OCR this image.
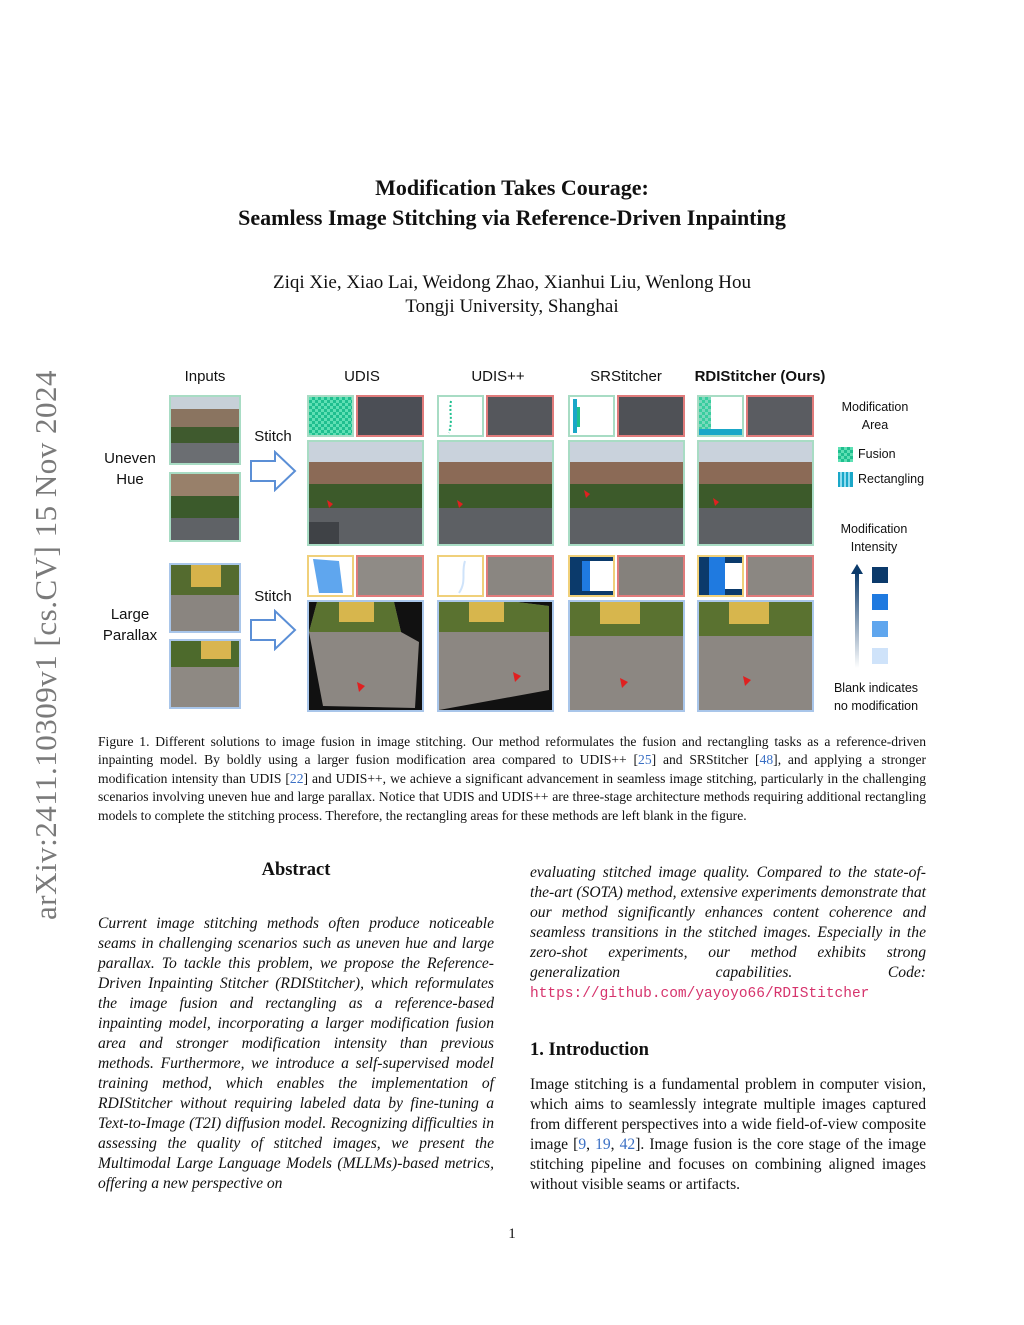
arXiv:2411.10309v1 [cs.CV] 15 Nov 2024
Modification Takes Courage:
Seamless Image Stitching via Reference-Driven Inpainting
Ziqi Xie, Xiao Lai, Weidong Zhao, Xianhui Liu, Wenlong Hou
Tongji University, Shanghai
Inputs	UDIS	UDIS++	SRStitcher	RDIStitcher (Ours)
Uneven
Hue
Large
Parallax
Stitch
Stitch
Modification
Area
Fusion
Rectangling
Modification
Intensity
Blank indicates
no modification
Figure 1. Different solutions to image fusion in image stitching. Our method reformulates the fusion and rectangling tasks as a reference-driven inpainting model. By boldly using a larger fusion modification area compared to UDIS++ [25] and SRStitcher [48], and applying a stronger modification intensity than UDIS [22] and UDIS++, we achieve a significant advancement in seamless image stitching, particularly in the challenging scenarios involving uneven hue and large parallax. Notice that UDIS and UDIS++ are three-stage architecture methods requiring additional rectangling models to complete the stitching process. Therefore, the rectangling areas for these methods are left blank in the figure.
Abstract
Current image stitching methods often produce noticeable seams in challenging scenarios such as uneven hue and large parallax. To tackle this problem, we propose the Reference-Driven Inpainting Stitcher (RDIStitcher), which reformulates the image fusion and rectangling as a reference-based inpainting model, incorporating a larger modification fusion area and stronger modification intensity than previous methods. Furthermore, we introduce a self-supervised model training method, which enables the implementation of RDIStitcher without requiring labeled data by fine-tuning a Text-to-Image (T2I) diffusion model. Recognizing difficulties in assessing the quality of stitched images, we present the Multimodal Large Language Models (MLLMs)-based metrics, offering a new perspective on
evaluating stitched image quality. Compared to the state-of-the-art (SOTA) method, extensive experiments demonstrate that our method significantly enhances content coherence and seamless transitions in the stitched images. Especially in the zero-shot experiments, our method exhibits strong generalization capabilities. Code: https://github.com/yayoyo66/RDIStitcher
1. Introduction
Image stitching is a fundamental problem in computer vision, which aims to seamlessly integrate multiple images captured from different perspectives into a wide field-of-view composite image [9, 19, 42]. Image fusion is the core stage of the image stitching pipeline and focuses on combining aligned images without visible seams or artifacts.
1
